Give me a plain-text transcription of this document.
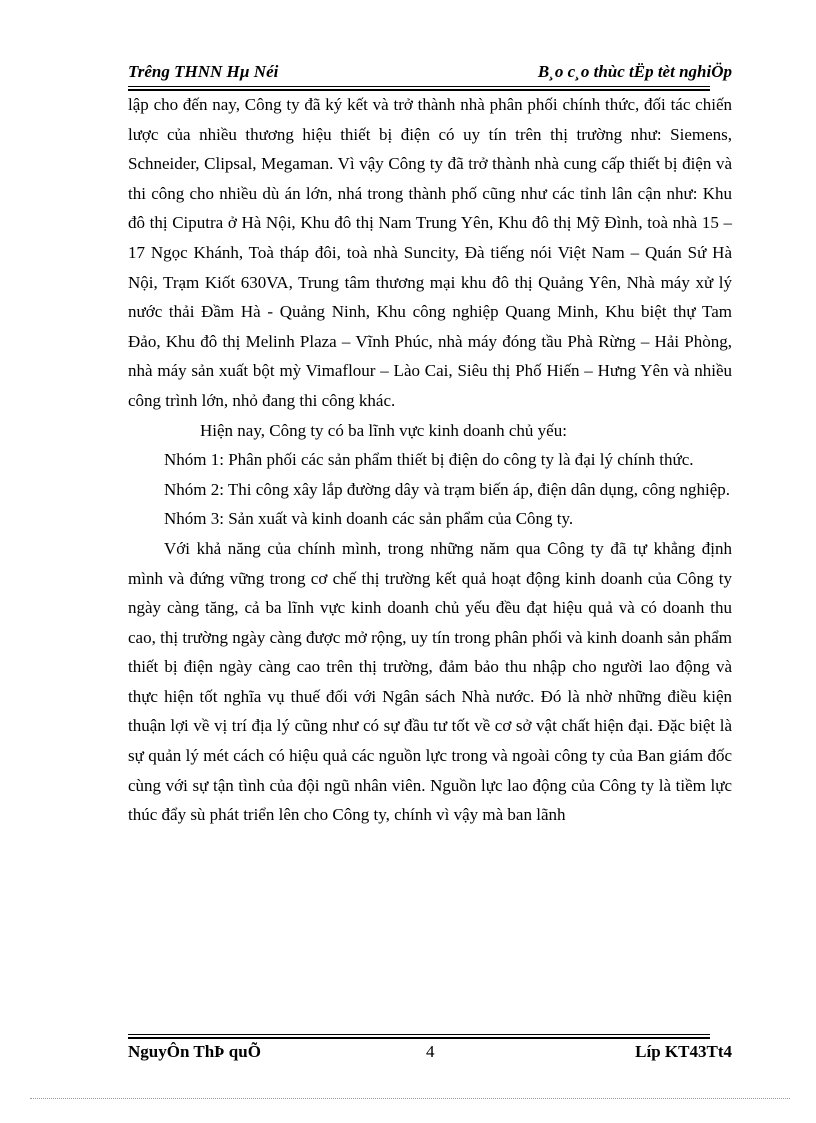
Trêng THNN Hµ Néi	B¸o c¸o thùc tËp tèt nghiÖp

lập cho đến nay, Công ty đã ký kết và trở thành nhà phân phối chính thức, đối tác chiến lược của nhiều thương hiệu thiết bị điện có uy tín trên thị trường như: Siemens, Schneider, Clipsal, Megaman. Vì vậy Công ty đã trở thành nhà cung cấp thiết bị điện và thi công cho nhiều dù án lớn, nhá trong thành phố cũng như các tỉnh lân cận như: Khu đô thị Ciputra ở Hà Nội, Khu đô thị Nam Trung Yên, Khu đô thị Mỹ Đình, toà nhà 15 – 17 Ngọc Khánh, Toà tháp đôi, toà nhà Suncity, Đà tiếng nói Việt Nam – Quán Sứ Hà Nội, Trạm Kiốt 630VA, Trung tâm thương mại khu đô thị Quảng Yên, Nhà máy xử lý nước thải Đầm Hà - Quảng Ninh, Khu công nghiệp Quang Minh, Khu biệt thự Tam Đảo, Khu đô thị Melinh Plaza – Vĩnh Phúc, nhà máy đóng tầu Phà Rừng – Hải Phòng, nhà máy sản xuất bột mỳ Vimaflour – Lào Cai, Siêu thị Phố Hiến – Hưng Yên và nhiều công trình lớn, nhỏ đang thi công khác.

Hiện nay, Công ty có ba lĩnh vực kinh doanh chủ yếu:

Nhóm 1: Phân phối các sản phẩm thiết bị điện do công ty là đại lý chính thức.

Nhóm 2: Thi công xây lắp đường dây và trạm biến áp, điện dân dụng, công nghiệp.

Nhóm 3: Sản xuất và kinh doanh các sản phẩm của Công ty.

Với khả năng của chính mình, trong những năm qua Công ty đã tự khẳng định mình và đứng vững trong cơ chế thị trường kết quả hoạt động kinh doanh của Công ty ngày càng tăng, cả ba lĩnh vực kinh doanh chủ yếu đều đạt hiệu quả và có doanh thu cao, thị trường ngày càng được mở rộng, uy tín trong phân phối và kinh doanh sản phẩm thiết bị điện ngày càng cao trên thị trường, đảm bảo thu nhập cho người lao động và thực hiện tốt nghĩa vụ thuế đối với Ngân sách Nhà nước. Đó là nhờ những điều kiện thuận lợi về vị trí địa lý cũng như có sự đầu tư tốt về cơ sở vật chất hiện đại. Đặc biệt là sự quản lý mét cách có hiệu quả các nguồn lực trong và ngoài công ty của Ban giám đốc cùng với sự tận tình của đội ngũ nhân viên. Nguồn lực lao động của Công ty là tiềm lực thúc đẩy sù phát triển lên cho Công ty, chính vì vậy mà ban lãnh

NguyÔn ThÞ quÕ	4	Líp KT43Tt4
